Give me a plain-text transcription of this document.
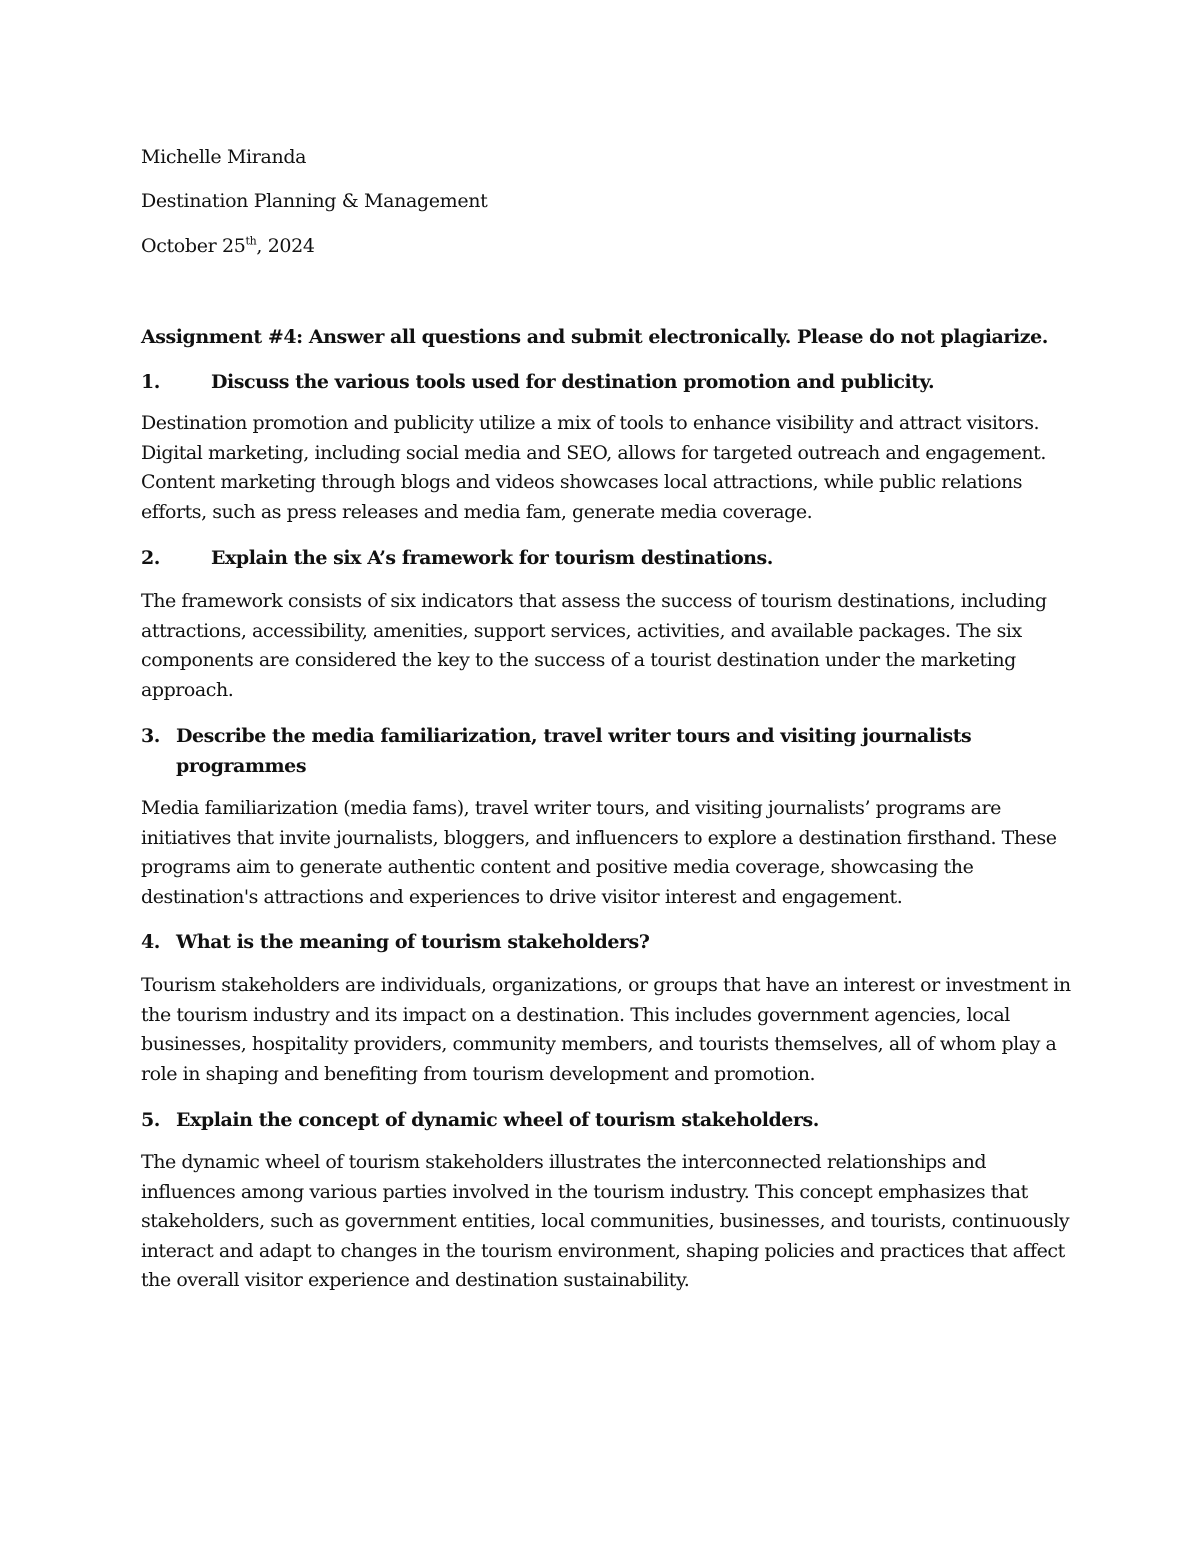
Michelle Miranda
Destination Planning & Management
October 25th, 2024
Assignment #4: Answer all questions and submit electronically. Please do not plagiarize.
1.	Discuss the various tools used for destination promotion and publicity.

Destination promotion and publicity utilize a mix of tools to enhance visibility and attract visitors. Digital marketing, including social media and SEO, allows for targeted outreach and engagement. Content marketing through blogs and videos showcases local attractions, while public relations efforts, such as press releases and media fam, generate media coverage.

2.	Explain the six A’s framework for tourism destinations.

The framework consists of six indicators that assess the success of tourism destinations, including attractions, accessibility, amenities, support services, activities, and available packages. The six components are considered the key to the success of a tourist destination under the marketing approach.

3. Describe the media familiarization, travel writer tours and visiting journalists
programmes

Media familiarization (media fams), travel writer tours, and visiting journalists’ programs are initiatives that invite journalists, bloggers, and influencers to explore a destination firsthand. These programs aim to generate authentic content and positive media coverage, showcasing the destination's attractions and experiences to drive visitor interest and engagement.

4. What is the meaning of tourism stakeholders?

Tourism stakeholders are individuals, organizations, or groups that have an interest or investment in the tourism industry and its impact on a destination. This includes government agencies, local businesses, hospitality providers, community members, and tourists themselves, all of whom play a role in shaping and benefiting from tourism development and promotion.

5. Explain the concept of dynamic wheel of tourism stakeholders.

The dynamic wheel of tourism stakeholders illustrates the interconnected relationships and influences among various parties involved in the tourism industry. This concept emphasizes that stakeholders, such as government entities, local communities, businesses, and tourists, continuously interact and adapt to changes in the tourism environment, shaping policies and practices that affect the overall visitor experience and destination sustainability.
